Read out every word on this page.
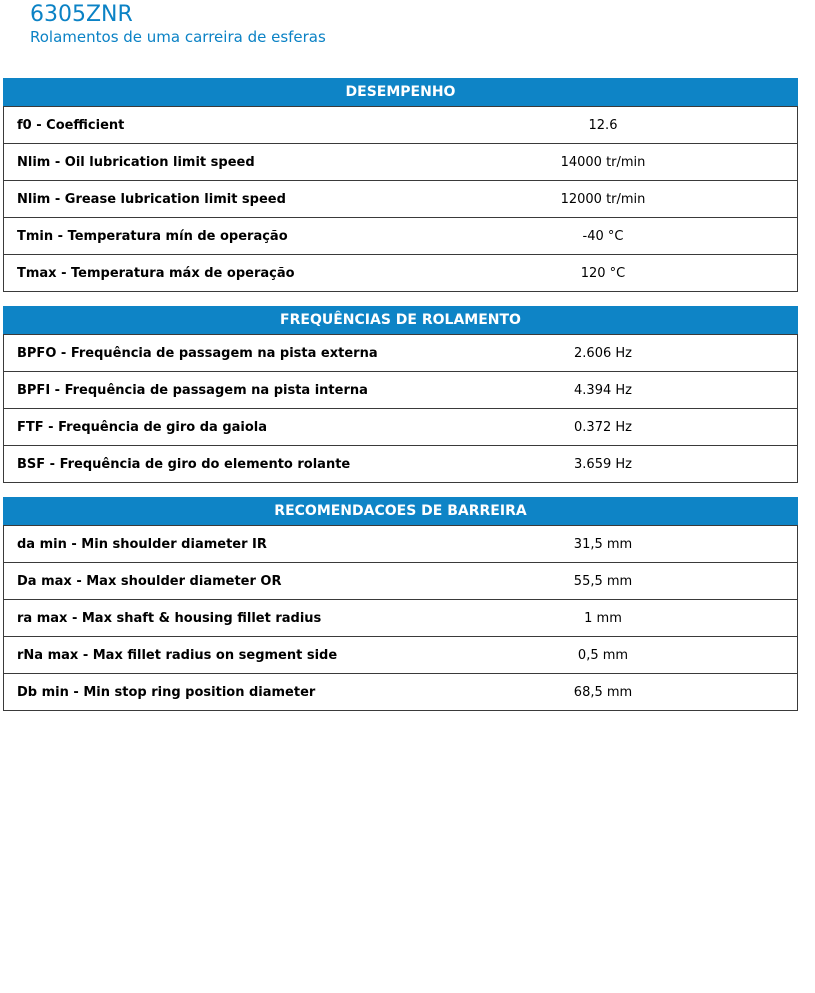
6305ZNR
Rolamentos de uma carreira de esferas
DESEMPENHO
f0 - Coefficient	12.6
Nlim - Oil lubrication limit speed	14000 tr/min
Nlim - Grease lubrication limit speed	12000 tr/min
Tmin - Temperatura mín de operação	-40 °C
Tmax - Temperatura máx de operação	120 °C
FREQUÊNCIAS DE ROLAMENTO
BPFO - Frequência de passagem na pista externa	2.606 Hz
BPFI - Frequência de passagem na pista interna	4.394 Hz
FTF - Frequência de giro da gaiola	0.372 Hz
BSF - Frequência de giro do elemento rolante	3.659 Hz
RECOMENDACOES DE BARREIRA
da min - Min shoulder diameter IR	31,5 mm
Da max - Max shoulder diameter OR	55,5 mm
ra max - Max shaft & housing fillet radius	1 mm
rNa max - Max fillet radius on segment side	0,5 mm
Db min - Min stop ring position diameter	68,5 mm
